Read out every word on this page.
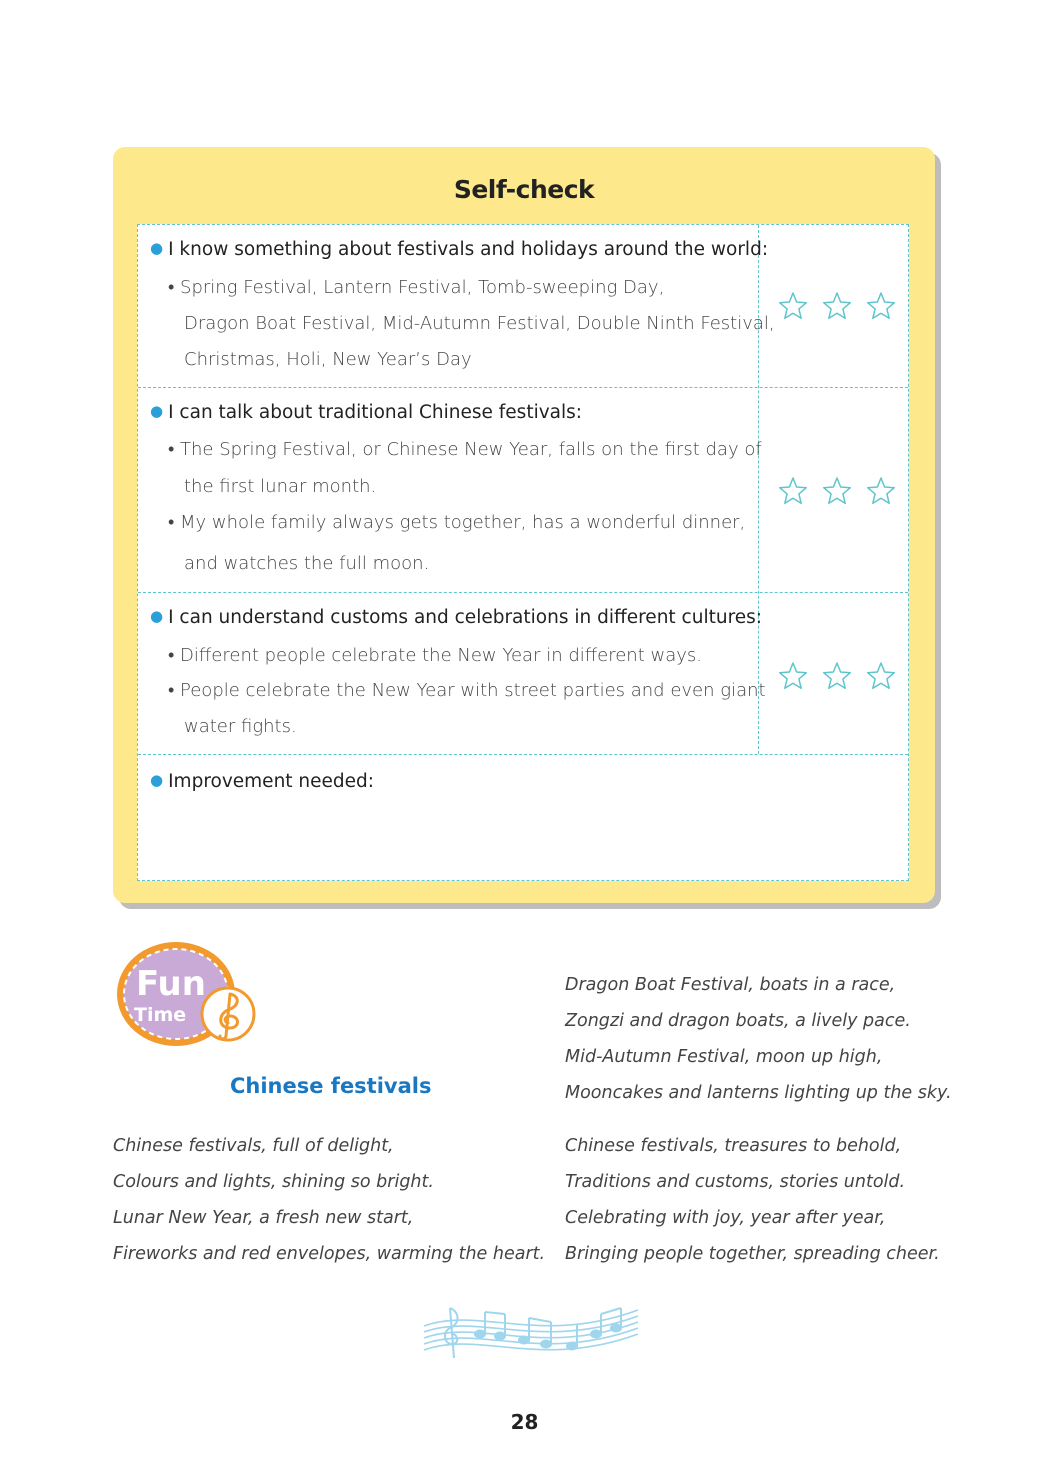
Self-check
● I know something about festivals and holidays around the world:
• Spring Festival, Lantern Festival, Tomb-sweeping Day,
Dragon Boat Festival, Mid-Autumn Festival, Double Ninth Festival,
Christmas, Holi, New Year’s Day
● I can talk about traditional Chinese festivals:
• The Spring Festival, or Chinese New Year, falls on the first day of
the first lunar month.
• My whole family always gets together, has a wonderful dinner,
and watches the full moon.
● I can understand customs and celebrations in different cultures:
• Different people celebrate the New Year in different ways.
• People celebrate the New Year with street parties and even giant
water fights.
● Improvement needed:
Fun
Time
Chinese festivals
Chinese festivals, full of delight,
Colours and lights, shining so bright.
Lunar New Year, a fresh new start,
Fireworks and red envelopes, warming the heart.
Dragon Boat Festival, boats in a race,
Zongzi and dragon boats, a lively pace.
Mid-Autumn Festival, moon up high,
Mooncakes and lanterns lighting up the sky.
Chinese festivals, treasures to behold,
Traditions and customs, stories untold.
Celebrating with joy, year after year,
Bringing people together, spreading cheer.
28
